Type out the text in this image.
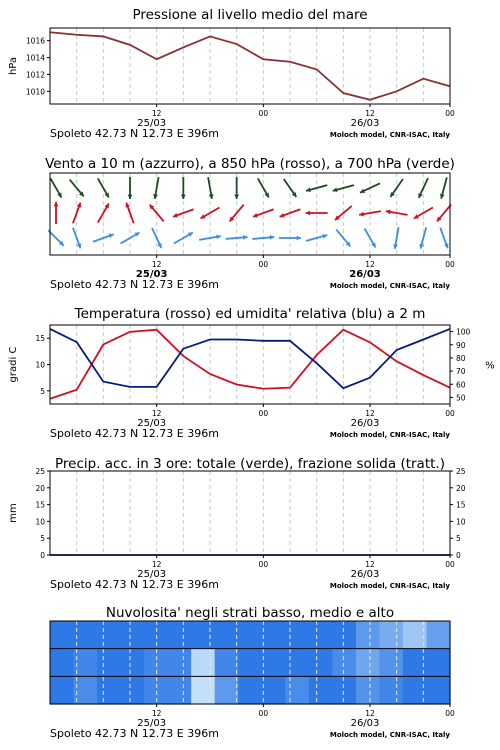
Pressione al livello medio del mare
12	00	12	00
25/03	26/03
Spoleto 42.73 N 12.73 E 396m	Moloch model, CNR-ISAC, Italy
1010
1012
1014
1016
hPa
Vento a 10 m (azzurro), a 850 hPa (rosso), a 700 hPa (verde)
12	00	12	00
25/03	26/03
Spoleto 42.73 N 12.73 E 396m	Moloch model, CNR-ISAC, Italy
Temperatura (rosso) ed umidita' relativa (blu) a 2 m
12	00	12	00
25/03	26/03
Spoleto 42.73 N 12.73 E 396m	Moloch model, CNR-ISAC, Italy
5
10
15
50
60
70
80
90
100
gradi C	%
Precip. acc. in 3 ore: totale (verde), frazione solida (tratt.)
12	00	12	00
25/03	26/03
Spoleto 42.73 N 12.73 E 396m	Moloch model, CNR-ISAC, Italy
0
5
10
15
20
25
0
5
10
15
20
25
mm
Nuvolosita' negli strati basso, medio e alto
12	00	12	00
25/03	26/03
Spoleto 42.73 N 12.73 E 396m	Moloch model, CNR-ISAC, Italy
